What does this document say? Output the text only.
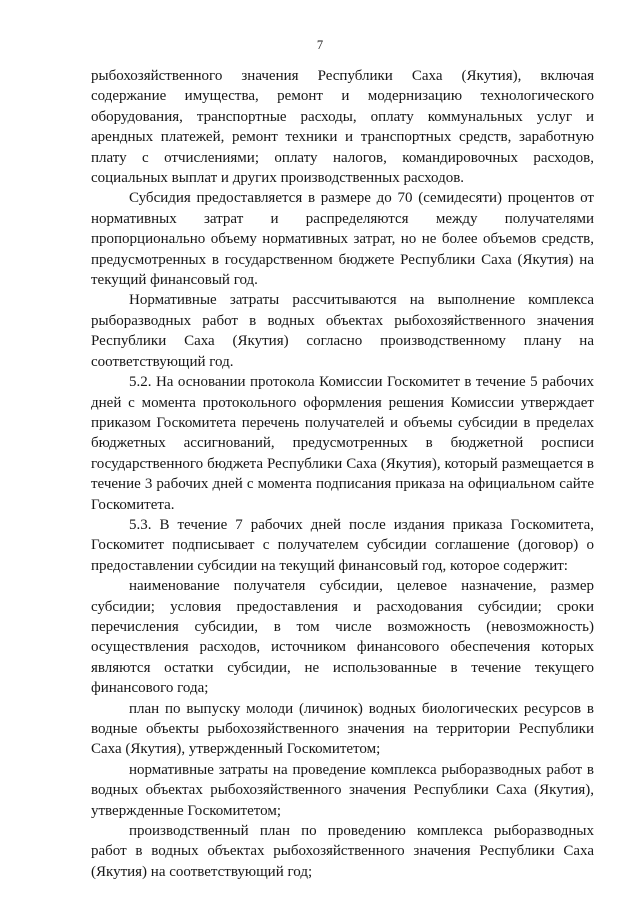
7

рыбохозяйственного значения Республики Саха (Якутия), включая содержание имущества, ремонт и модернизацию технологического оборудования, транспортные расходы, оплату коммунальных услуг и арендных платежей, ремонт техники и транспортных средств, заработную плату с отчислениями; оплату налогов, командировочных расходов, социальных выплат и других производственных расходов.

Субсидия предоставляется в размере до 70 (семидесяти) процентов от нормативных затрат и распределяются между получателями пропорционально объему нормативных затрат, но не более объемов средств, предусмотренных в государственном бюджете Республики Саха (Якутия) на текущий финансовый год.

Нормативные затраты рассчитываются на выполнение комплекса рыборазводных работ в водных объектах рыбохозяйственного значения Республики Саха (Якутия) согласно производственному плану на соответствующий год.

5.2. На основании протокола Комиссии Госкомитет в течение 5 рабочих дней с момента протокольного оформления решения Комиссии утверждает приказом Госкомитета перечень получателей и объемы субсидии в пределах бюджетных ассигнований, предусмотренных в бюджетной росписи государственного бюджета Республики Саха (Якутия), который размещается в течение 3 рабочих дней с момента подписания приказа на официальном сайте Госкомитета.

5.3. В течение 7 рабочих дней после издания приказа Госкомитета, Госкомитет подписывает с получателем субсидии соглашение (договор) о предоставлении субсидии на текущий финансовый год, которое содержит:

наименование получателя субсидии, целевое назначение, размер субсидии; условия предоставления и расходования субсидии; сроки перечисления субсидии, в том числе возможность (невозможность) осуществления расходов, источником финансового обеспечения которых являются остатки субсидии, не использованные в течение текущего финансового года;

план по выпуску молоди (личинок) водных биологических ресурсов в водные объекты рыбохозяйственного значения на территории Республики Саха (Якутия), утвержденный Госкомитетом;

нормативные затраты на проведение комплекса рыборазводных работ в водных объектах рыбохозяйственного значения Республики Саха (Якутия), утвержденные Госкомитетом;

производственный план по проведению комплекса рыборазводных работ в водных объектах рыбохозяйственного значения Республики Саха (Якутия) на соответствующий год;
